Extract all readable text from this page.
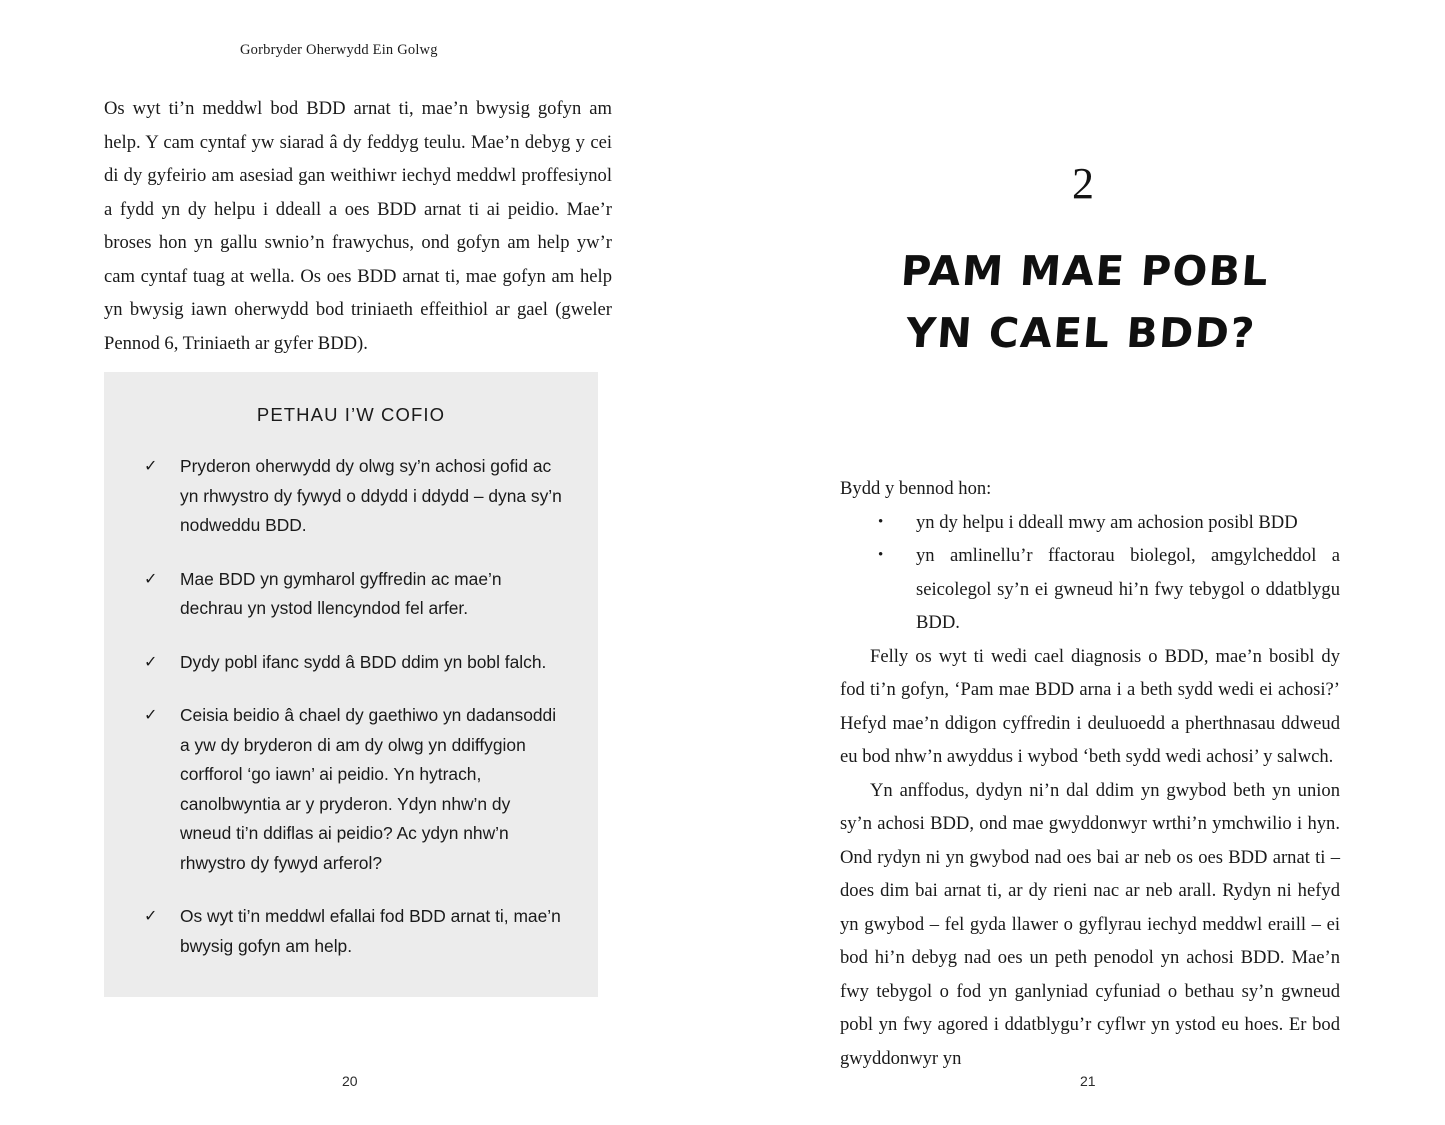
Gorbryder Oherwydd Ein Golwg

Os wyt ti’n meddwl bod BDD arnat ti, mae’n bwysig gofyn am help. Y cam cyntaf yw siarad â dy feddyg teulu. Mae’n debyg y cei di dy gyfeirio am asesiad gan weithiwr iechyd meddwl proffesiynol a fydd yn dy helpu i ddeall a oes BDD arnat ti ai peidio. Mae’r broses hon yn gallu swnio’n frawychus, ond gofyn am help yw’r cam cyntaf tuag at wella. Os oes BDD arnat ti, mae gofyn am help yn bwysig iawn oherwydd bod triniaeth effeithiol ar gael (gweler Pennod 6, Triniaeth ar gyfer BDD).

PETHAU I’W COFIO
✓ Pryderon oherwydd dy olwg sy’n achosi gofid ac yn rhwystro dy fywyd o ddydd i ddydd – dyna sy’n nodweddu BDD.
✓ Mae BDD yn gymharol gyffredin ac mae’n dechrau yn ystod llencyndod fel arfer.
✓ Dydy pobl ifanc sydd â BDD ddim yn bobl falch.
✓ Ceisia beidio â chael dy gaethiwo yn dadansoddi a yw dy bryderon di am dy olwg yn ddiffygion corfforol ‘go iawn’ ai peidio. Yn hytrach, canolbwyntia ar y pryderon. Ydyn nhw’n dy wneud ti’n ddiflas ai peidio? Ac ydyn nhw’n rhwystro dy fywyd arferol?
✓ Os wyt ti’n meddwl efallai fod BDD arnat ti, mae’n bwysig gofyn am help.
20
2
PAM MAE POBL
YN CAEL BDD?

Bydd y bennod hon:

• yn dy helpu i ddeall mwy am achosion posibl BDD
• yn amlinellu’r ffactorau biolegol, amgylcheddol a seicolegol sy’n ei gwneud hi’n fwy tebygol o ddatblygu BDD.

Felly os wyt ti wedi cael diagnosis o BDD, mae’n bosibl dy fod ti’n gofyn, ‘Pam mae BDD arna i a beth sydd wedi ei achosi?’ Hefyd mae’n ddigon cyffredin i deuluoedd a pherthnasau ddweud eu bod nhw’n awyddus i wybod ‘beth sydd wedi achosi’ y salwch.

Yn anffodus, dydyn ni’n dal ddim yn gwybod beth yn union sy’n achosi BDD, ond mae gwyddonwyr wrthi’n ymchwilio i hyn. Ond rydyn ni yn gwybod nad oes bai ar neb os oes BDD arnat ti – does dim bai arnat ti, ar dy rieni nac ar neb arall. Rydyn ni hefyd yn gwybod – fel gyda llawer o gyflyrau iechyd meddwl eraill – ei bod hi’n debyg nad oes un peth penodol yn achosi BDD. Mae’n fwy tebygol o fod yn ganlyniad cyfuniad o bethau sy’n gwneud pobl yn fwy agored i ddatblygu’r cyflwr yn ystod eu hoes. Er bod gwyddonwyr yn

21
